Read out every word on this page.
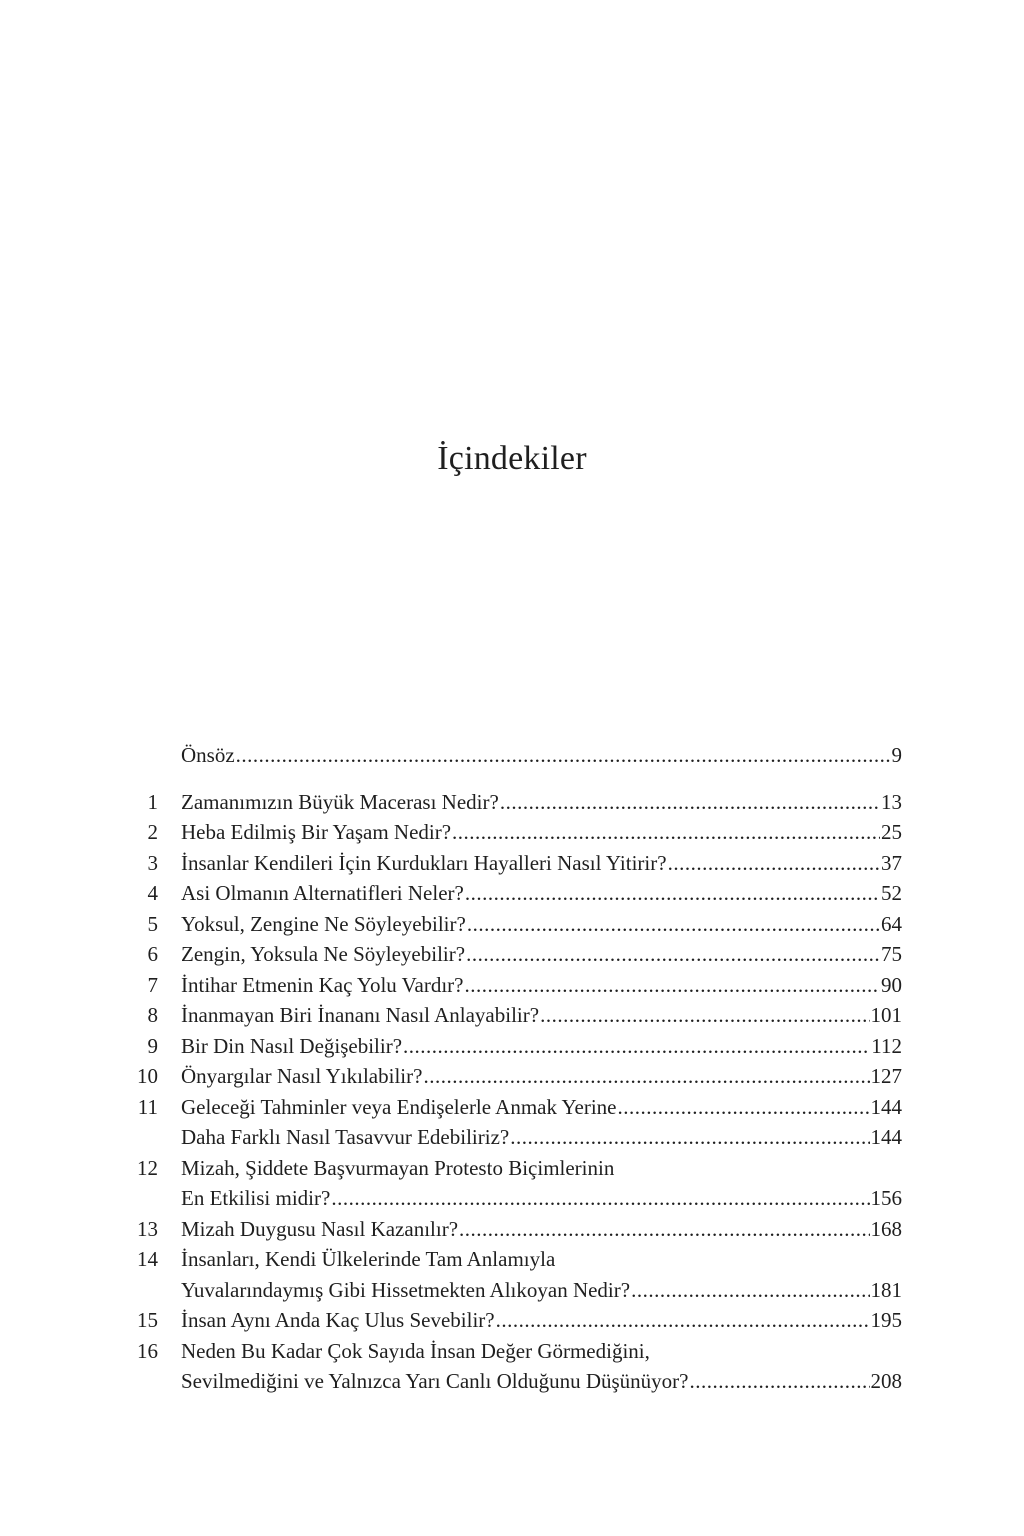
İçindekiler
Önsöz .....	9
1 Zamanımızın Büyük Macerası Nedir? .....	13
2 Heba Edilmiş Bir Yaşam Nedir? .....	25
3 İnsanlar Kendileri İçin Kurdukları Hayalleri Nasıl Yitirir? .....	37
4 Asi Olmanın Alternatifleri Neler? .....	52
5 Yoksul, Zengine Ne Söyleyebilir? .....	64
6 Zengin, Yoksula Ne Söyleyebilir? .....	75
7 İntihar Etmenin Kaç Yolu Vardır? .....	90
8 İnanmayan Biri İnananı Nasıl Anlayabilir? .....	101
9 Bir Din Nasıl Değişebilir? .....	112
10 Önyargılar Nasıl Yıkılabilir? .....	127
11 Geleceği Tahminler veya Endişelerle Anmak Yerine .....	144
Daha Farklı Nasıl Tasavvur Edebiliriz? .....	144
12 Mizah, Şiddete Başvurmayan Protesto Biçimlerinin
En Etkilisi midir? .....	156
13 Mizah Duygusu Nasıl Kazanılır? .....	168
14 İnsanları, Kendi Ülkelerinde Tam Anlamıyla
Yuvalarındaymış Gibi Hissetmekten Alıkoyan Nedir? .....	181
15 İnsan Aynı Anda Kaç Ulus Sevebilir? .....	195
16 Neden Bu Kadar Çok Sayıda İnsan Değer Görmediğini,
Sevilmediğini ve Yalnızca Yarı Canlı Olduğunu Düşünüyor? .....	208
